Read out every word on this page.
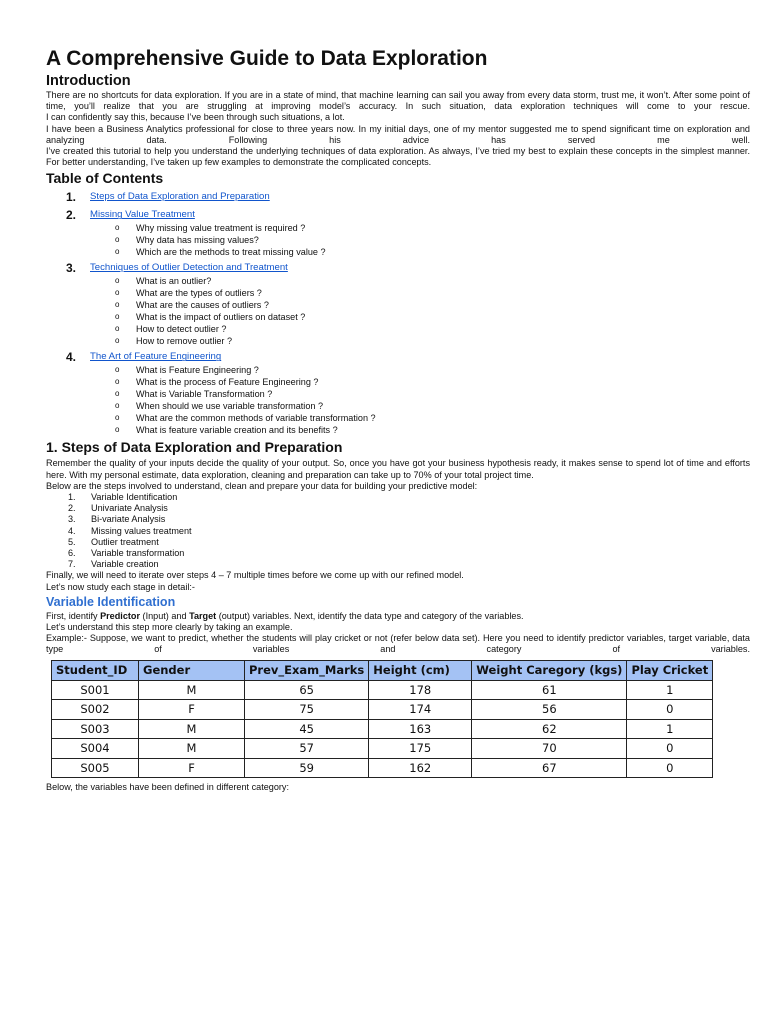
A Comprehensive Guide to Data Exploration
Introduction

There are no shortcuts for data exploration. If you are in a state of mind, that machine learning can sail you away from every data storm, trust me, it won’t. After some point of time, you’ll realize that you are struggling at improving model’s accuracy. In such situation, data exploration techniques will come to your rescue.

I can confidently say this, because I’ve been through such situations, a lot.

I have been a Business Analytics professional for close to three years now. In my initial days, one of my mentor suggested me to spend significant time on exploration and analyzing data. Following his advice has served me well.

I’ve created this tutorial to help you understand the underlying techniques of data exploration. As always, I’ve tried my best to explain these concepts in the simplest manner. For better understanding, I’ve taken up few examples to demonstrate the complicated concepts.

Table of Contents
1. Steps of Data Exploration and Preparation
2. Missing Value Treatment
o Why missing value treatment is required ?
o Why data has missing values?
o Which are the methods to treat missing value ?
3. Techniques of Outlier Detection and Treatment
o What is an outlier?
o What are the types of outliers ?
o What are the causes of outliers ?
o What is the impact of outliers on dataset ?
o How to detect outlier ?
o How to remove outlier ?
4. The Art of Feature Engineering
o What is Feature Engineering ?
o What is the process of Feature Engineering ?
o What is Variable Transformation ?
o When should we use variable transformation ?
o What are the common methods of variable transformation ?
o What is feature variable creation and its benefits ?
1. Steps of Data Exploration and Preparation

Remember the quality of your inputs decide the quality of your output. So, once you have got your business hypothesis ready, it makes sense to spend lot of time and efforts here. With my personal estimate, data exploration, cleaning and preparation can take up to 70% of your total project time.

Below are the steps involved to understand, clean and prepare your data for building your predictive model:

1. Variable Identification
2. Univariate Analysis
3. Bi-variate Analysis
4. Missing values treatment
5. Outlier treatment
6. Variable transformation
7. Variable creation

Finally, we will need to iterate over steps 4 – 7 multiple times before we come up with our refined model.

Let’s now study each stage in detail:-

Variable Identification

First, identify Predictor (Input) and Target (output) variables. Next, identify the data type and category of the variables.

Let’s understand this step more clearly by taking an example.

Example:- Suppose, we want to predict, whether the students will play cricket or not (refer below data set). Here you need to identify predictor variables, target variable, data type of variables and category of variables.

Student_ID	Gender	Prev_Exam_Marks	Height (cm)	Weight Caregory (kgs)	Play Cricket
S001	M	65	178	61	1
S002	F	75	174	56	0
S003	M	45	163	62	1
S004	M	57	175	70	0
S005	F	59	162	67	0

Below, the variables have been defined in different category:
